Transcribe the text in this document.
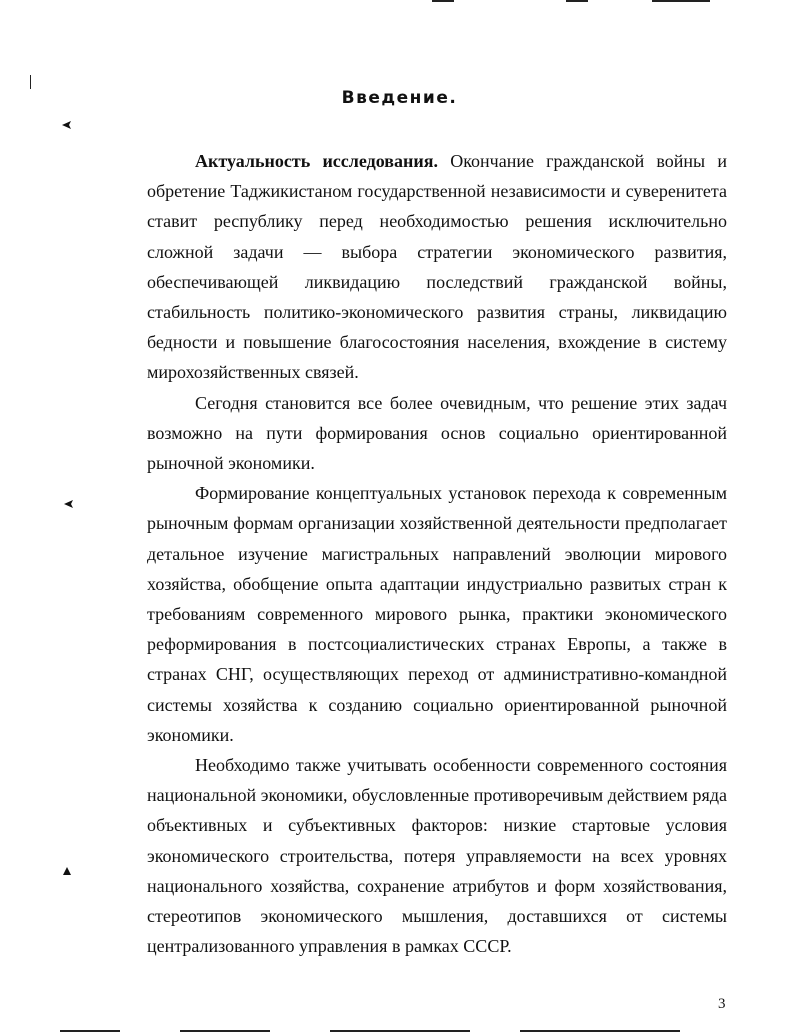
Введение.

Актуальность исследования. Окончание гражданской войны и обретение Таджикистаном государственной независимости и суверенитета ставит республику перед необходимостью решения исключительно сложной задачи — выбора стратегии экономического развития, обеспечивающей ликвидацию последствий гражданской войны, стабильность политико-экономического развития страны, ликвидацию бедности и повышение благосостояния населения, вхождение в систему мирохозяйственных связей.

Сегодня становится все более очевидным, что решение этих задач возможно на пути формирования основ социально ориентированной рыночной экономики.

Формирование концептуальных установок перехода к современным рыночным формам организации хозяйственной деятельности предполагает детальное изучение магистральных направлений эволюции мирового хозяйства, обобщение опыта адаптации индустриально развитых стран к требованиям современного мирового рынка, практики экономического реформирования в постсоциалистических странах Европы, а также в странах СНГ, осуществляющих переход от административно-командной системы хозяйства к созданию социально ориентированной рыночной экономики.

Необходимо также учитывать особенности современного состояния национальной экономики, обусловленные противоречивым действием ряда объективных и субъективных факторов: низкие стартовые условия экономического строительства, потеря управляемости на всех уровнях национального хозяйства, сохранение атрибутов и форм хозяйствования, стереотипов экономического мышления, доставшихся от системы централизованного управления в рамках СССР.

3
